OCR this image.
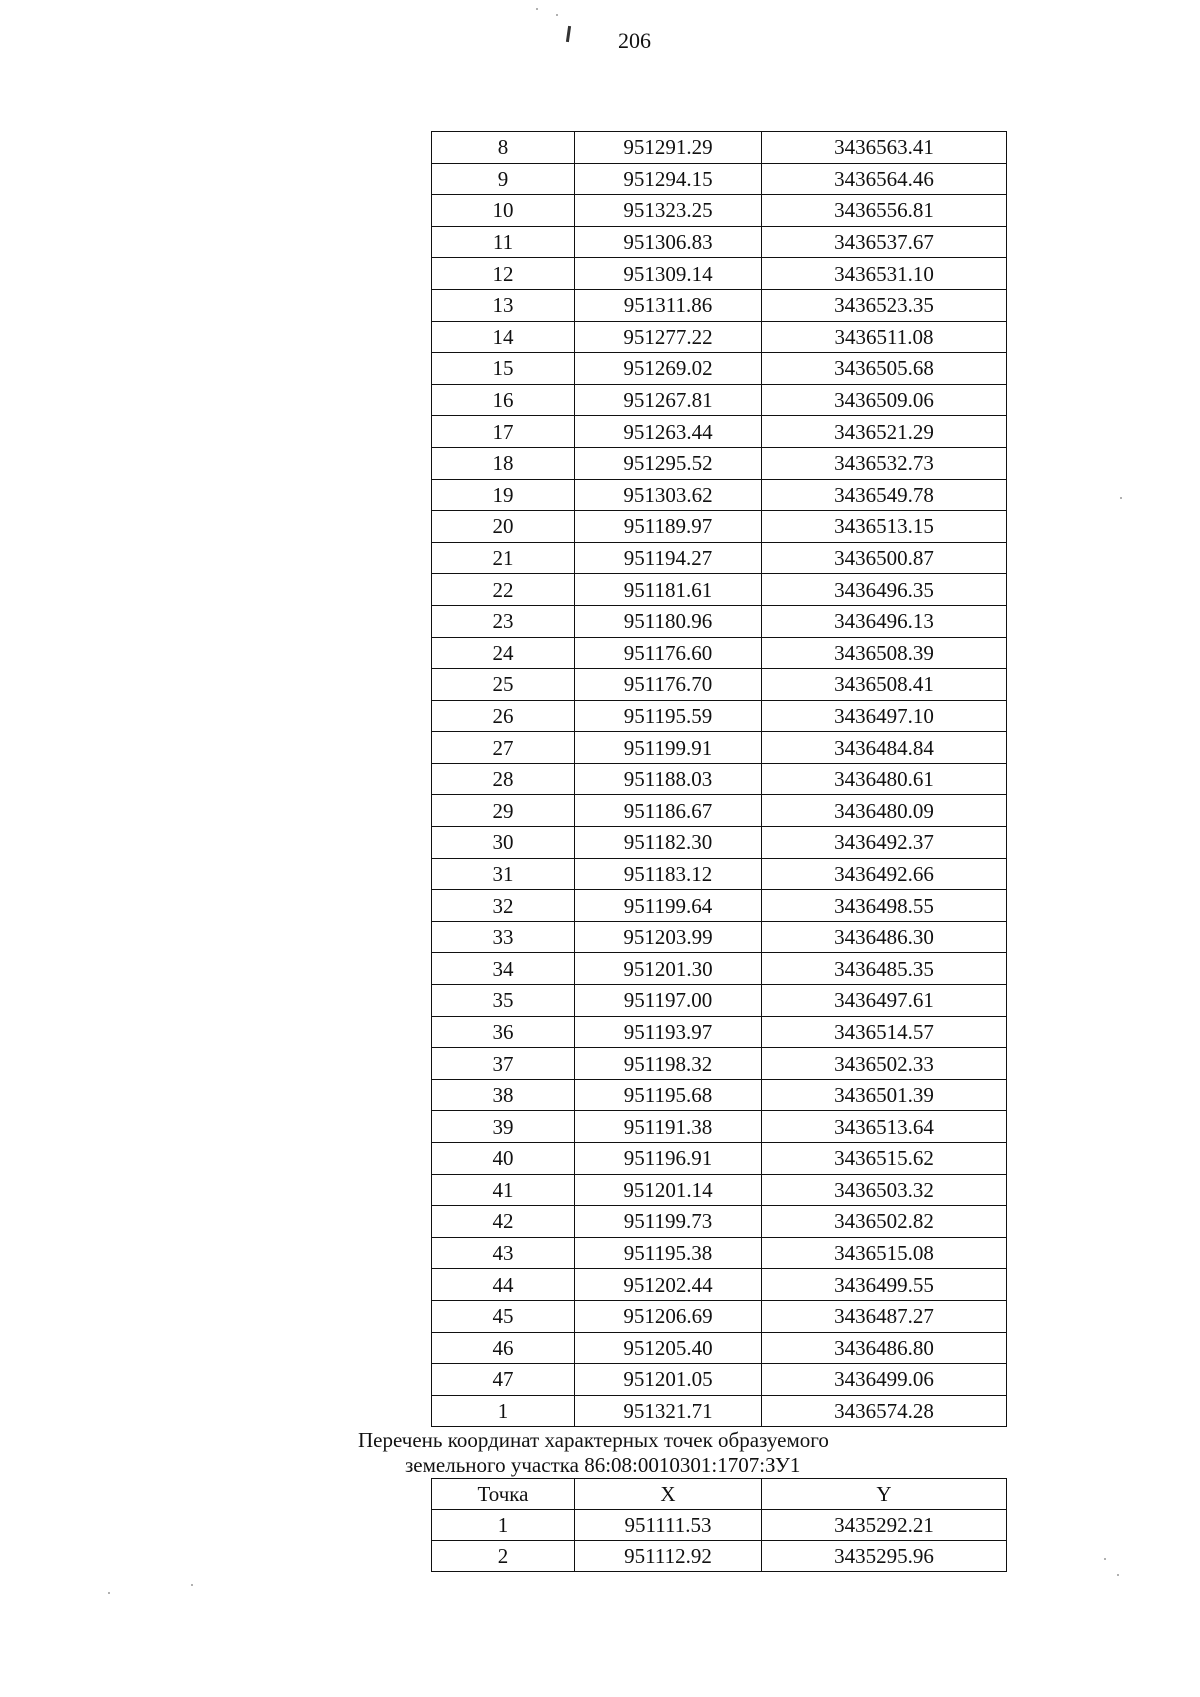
206
8	951291.29	3436563.41
9	951294.15	3436564.46
10	951323.25	3436556.81
11	951306.83	3436537.67
12	951309.14	3436531.10
13	951311.86	3436523.35
14	951277.22	3436511.08
15	951269.02	3436505.68
16	951267.81	3436509.06
17	951263.44	3436521.29
18	951295.52	3436532.73
19	951303.62	3436549.78
20	951189.97	3436513.15
21	951194.27	3436500.87
22	951181.61	3436496.35
23	951180.96	3436496.13
24	951176.60	3436508.39
25	951176.70	3436508.41
26	951195.59	3436497.10
27	951199.91	3436484.84
28	951188.03	3436480.61
29	951186.67	3436480.09
30	951182.30	3436492.37
31	951183.12	3436492.66
32	951199.64	3436498.55
33	951203.99	3436486.30
34	951201.30	3436485.35
35	951197.00	3436497.61
36	951193.97	3436514.57
37	951198.32	3436502.33
38	951195.68	3436501.39
39	951191.38	3436513.64
40	951196.91	3436515.62
41	951201.14	3436503.32
42	951199.73	3436502.82
43	951195.38	3436515.08
44	951202.44	3436499.55
45	951206.69	3436487.27
46	951205.40	3436486.80
47	951201.05	3436499.06
1	951321.71	3436574.28
Перечень координат характерных точек образуемого
земельного участка 86:08:0010301:1707:ЗУ1
Точка	X	Y
1	951111.53	3435292.21
2	951112.92	3435295.96
